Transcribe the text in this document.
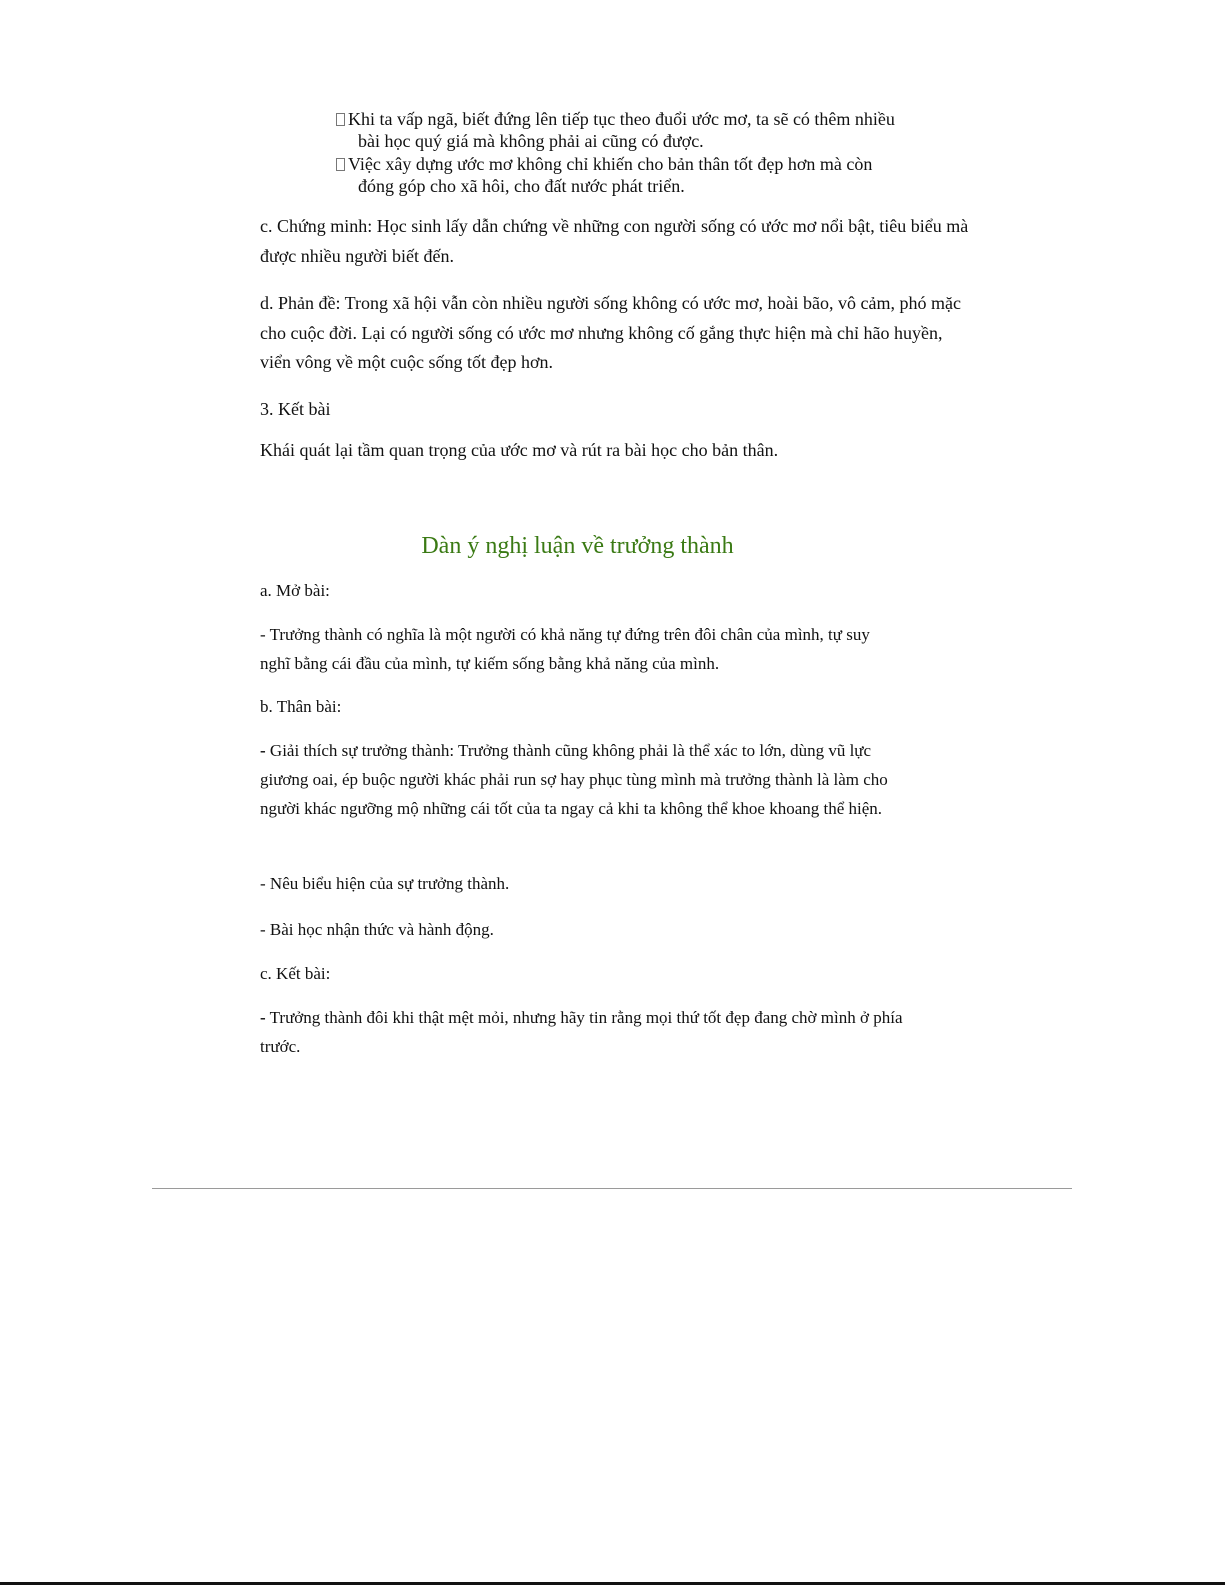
Khi ta vấp ngã, biết đứng lên tiếp tục theo đuổi ước mơ, ta sẽ có thêm nhiều
bài học quý giá mà không phải ai cũng có được.
Việc xây dựng ước mơ không chỉ khiến cho bản thân tốt đẹp hơn mà còn
đóng góp cho xã hôi, cho đất nước phát triển.
c. Chứng minh: Học sinh lấy dẫn chứng về những con người sống có ước mơ nổi bật, tiêu biểu mà được nhiều người biết đến.
d. Phản đề: Trong xã hội vẫn còn nhiều người sống không có ước mơ, hoài bão, vô cảm, phó mặc cho cuộc đời. Lại có người sống có ước mơ nhưng không cố gắng thực hiện mà chỉ hão huyền, viển vông về một cuộc sống tốt đẹp hơn.
3. Kết bài
Khái quát lại tầm quan trọng của ước mơ và rút ra bài học cho bản thân.
Dàn ý nghị luận về trưởng thành
a. Mở bài:
- Trưởng thành có nghĩa là một người có khả năng tự đứng trên đôi chân của mình, tự suy nghĩ bằng cái đầu của mình, tự kiếm sống bằng khả năng của mình.
b. Thân bài:
- Giải thích sự trưởng thành: Trưởng thành cũng không phải là thể xác to lớn, dùng vũ lực giương oai, ép buộc người khác phải run sợ hay phục tùng mình mà trưởng thành là làm cho người khác ngưỡng mộ những cái tốt của ta ngay cả khi ta không thể khoe khoang thể hiện.
- Nêu biểu hiện của sự trưởng thành.
- Bài học nhận thức và hành động.
c. Kết bài:
- Trưởng thành đôi khi thật mệt mỏi, nhưng hãy tin rằng mọi thứ tốt đẹp đang chờ mình ở phía trước.
